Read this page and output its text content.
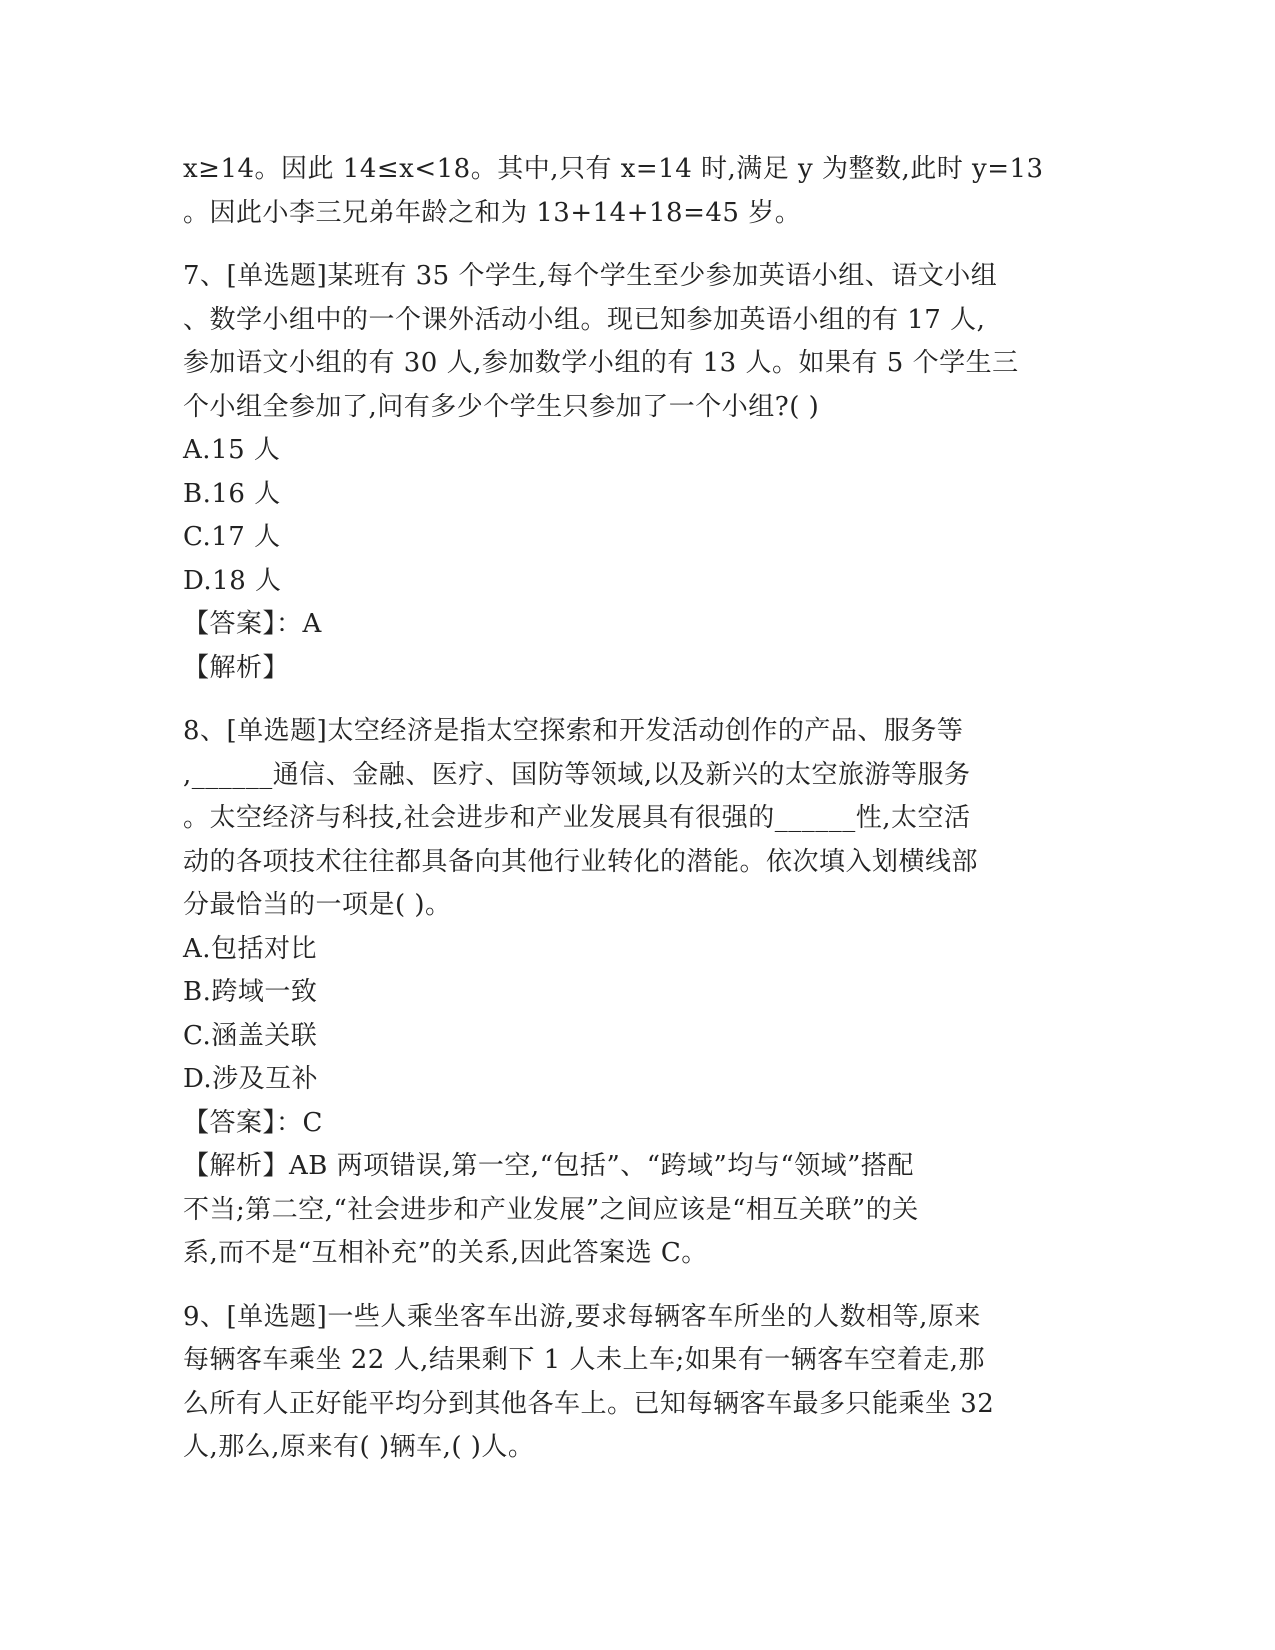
x≥14。因此 14≤x<18。其中,只有 x=14 时,满足 y 为整数,此时 y=13
。因此小李三兄弟年龄之和为 13+14+18=45 岁。
7、[单选题]某班有 35 个学生,每个学生至少参加英语小组、语文小组
、数学小组中的一个课外活动小组。现已知参加英语小组的有 17 人,
参加语文小组的有 30 人,参加数学小组的有 13 人。如果有 5 个学生三
个小组全参加了,问有多少个学生只参加了一个小组?( )
A.15 人
B.16 人
C.17 人
D.18 人
【答案】：A
【解析】
8、[单选题]太空经济是指太空探索和开发活动创作的产品、服务等
,______通信、金融、医疗、国防等领域,以及新兴的太空旅游等服务
。太空经济与科技,社会进步和产业发展具有很强的______性,太空活
动的各项技术往往都具备向其他行业转化的潜能。依次填入划横线部
分最恰当的一项是( )。
A.包括对比
B.跨域一致
C.涵盖关联
D.涉及互补
【答案】：C
【解析】AB 两项错误,第一空,“包括”、“跨域”均与“领域”搭配
不当;第二空,“社会进步和产业发展”之间应该是“相互关联”的关
系,而不是“互相补充”的关系,因此答案选 C。
9、[单选题]一些人乘坐客车出游,要求每辆客车所坐的人数相等,原来
每辆客车乘坐 22 人,结果剩下 1 人未上车;如果有一辆客车空着走,那
么所有人正好能平均分到其他各车上。已知每辆客车最多只能乘坐 32
人,那么,原来有( )辆车,( )人。
